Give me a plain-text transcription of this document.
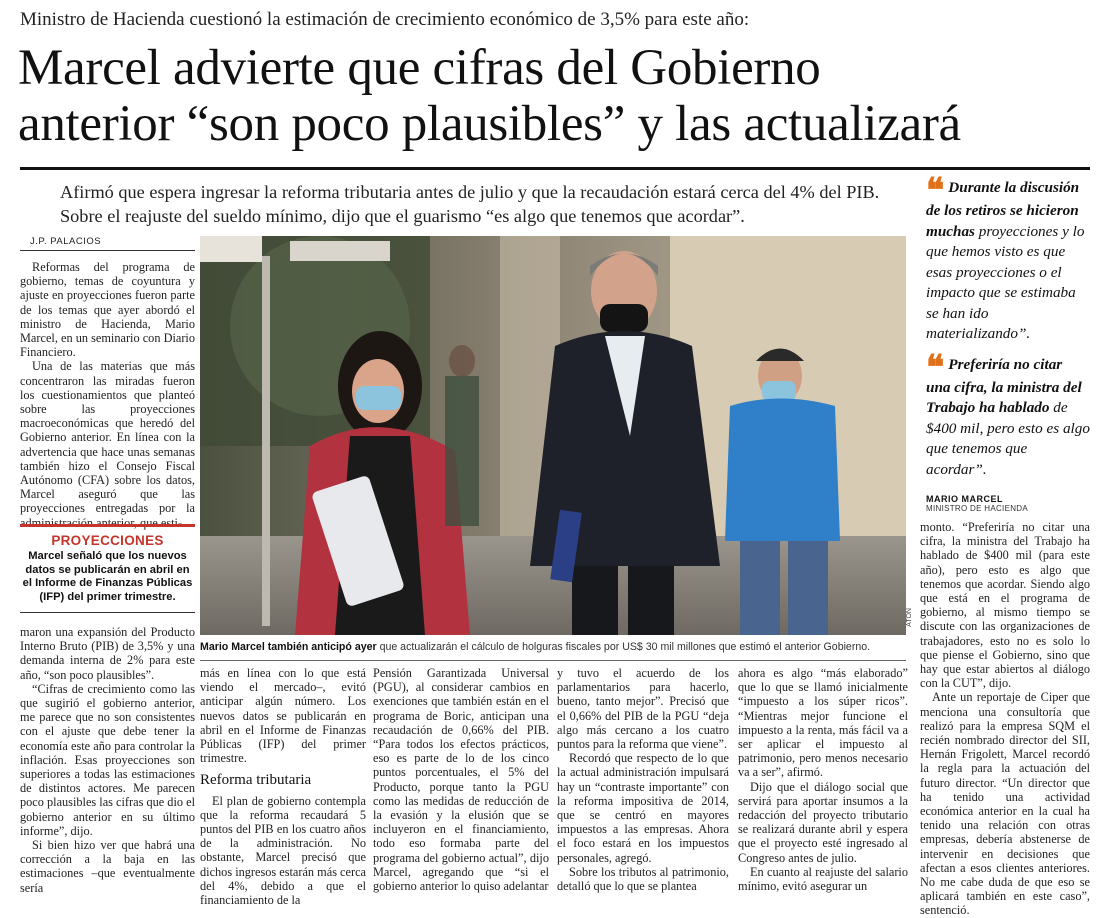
Ministro de Hacienda cuestionó la estimación de crecimiento económico de 3,5% para este año:
Marcel advierte que cifras del Gobierno
anterior “son poco plausibles” y las actualizará
Afirmó que espera ingresar la reforma tributaria antes de julio y que la recaudación estará cerca del 4% del PIB. Sobre el reajuste del sueldo mínimo, dijo que el guarismo “es algo que tenemos que acordar”.
J.P. PALACIOS

Reformas del programa de gobierno, temas de coyuntura y ajuste en proyecciones fueron parte de los temas que ayer abordó el ministro de Hacienda, Mario Marcel, en un seminario con Diario Financiero.

Una de las materias que más concentraron las miradas fueron los cuestionamientos que planteó sobre las proyecciones macroeconómicas que heredó del Gobierno anterior. En línea con la advertencia que hace unas semanas también hizo el Consejo Fiscal Autónomo (CFA) sobre los datos, Marcel aseguró que las proyecciones entregadas por la administración anterior, que esti-

PROYECCIONES
Marcel señaló que los nuevos datos se publicarán en abril en el Informe de Finanzas Públicas (IFP) del primer trimestre.

maron una expansión del Producto Interno Bruto (PIB) de 3,5% y una demanda interna de 2% para este año, “son poco plausibles”.

“Cifras de crecimiento como las que sugirió el gobierno anterior, me parece que no son consistentes con el ajuste que debe tener la economía este año para controlar la inflación. Esas proyecciones son superiores a todas las estimaciones de distintos actores. Me parecen poco plausibles las cifras que dio el gobierno anterior en su último informe”, dijo.

Si bien hizo ver que habrá una corrección a la baja en las estimaciones –que eventualmente sería

ATON
Mario Marcel también anticipó ayer que actualizarán el cálculo de holguras fiscales por US$ 30 mil millones que estimó el anterior Gobierno.

más en línea con lo que está viendo el mercado–, evitó anticipar algún número. Los nuevos datos se publicarán en abril en el Informe de Finanzas Públicas (IFP) del primer trimestre.

Reforma tributaria

El plan de gobierno contempla que la reforma recaudará 5 puntos del PIB en los cuatro años de la administración. No obstante, Marcel precisó que dichos ingresos estarán más cerca del 4%, debido a que el financiamiento de la

Pensión Garantizada Universal (PGU), al considerar cambios en exenciones que también están en el programa de Boric, anticipan una recaudación de 0,66% del PIB. “Para todos los efectos prácticos, eso es parte de lo de los cinco puntos porcentuales, el 5% del Producto, porque tanto la PGU como las medidas de reducción de la evasión y la elusión que se incluyeron en el financiamiento, todo eso formaba parte del programa del gobierno actual”, dijo Marcel, agregando que “si el gobierno anterior lo quiso adelantar

y tuvo el acuerdo de los parlamentarios para hacerlo, bueno, tanto mejor”. Precisó que el 0,66% del PIB de la PGU “deja algo más cercano a los cuatro puntos para la reforma que viene”.

Recordó que respecto de lo que la actual administración impulsará hay un “contraste importante” con la reforma impositiva de 2014, que se centró en mayores impuestos a las empresas. Ahora el foco estará en los impuestos personales, agregó.

Sobre los tributos al patrimonio, detalló que lo que se plantea

ahora es algo “más elaborado” que lo que se llamó inicialmente “impuesto a los súper ricos”. “Mientras mejor funcione el impuesto a la renta, más fácil va a ser aplicar el impuesto al patrimonio, pero menos necesario va a ser”, afirmó.

Dijo que el diálogo social que servirá para aportar insumos a la redacción del proyecto tributario se realizará durante abril y espera que el proyecto esté ingresado al Congreso antes de julio.

En cuanto al reajuste del salario mínimo, evitó asegurar un

❝ Durante la discusión de los retiros se hicieron muchas proyecciones y lo que hemos visto es que esas proyecciones o el impacto que se estimaba se han ido materializando”.
❝ Preferiría no citar una cifra, la ministra del Trabajo ha hablado de $400 mil, pero esto es algo que tenemos que acordar”.
MARIO MARCEL
MINISTRO DE HACIENDA

monto. “Preferiría no citar una cifra, la ministra del Trabajo ha hablado de $400 mil (para este año), pero esto es algo que tenemos que acordar. Siendo algo que está en el programa de gobierno, al mismo tiempo se discute con las organizaciones de trabajadores, esto no es solo lo que piense el Gobierno, sino que hay que estar abiertos al diálogo con la CUT”, dijo.

Ante un reportaje de Ciper que menciona una consultoría que realizó para la empresa SQM el recién nombrado director del SII, Hernán Frigolett, Marcel recordó la regla para la actuación del futuro director. “Un director que ha tenido una actividad económica anterior en la cual ha tenido una relación con otras empresas, debería abstenerse de intervenir en decisiones que afectan a esos clientes anteriores. No me cabe duda de que eso se aplicará también en este caso”, sentenció.
